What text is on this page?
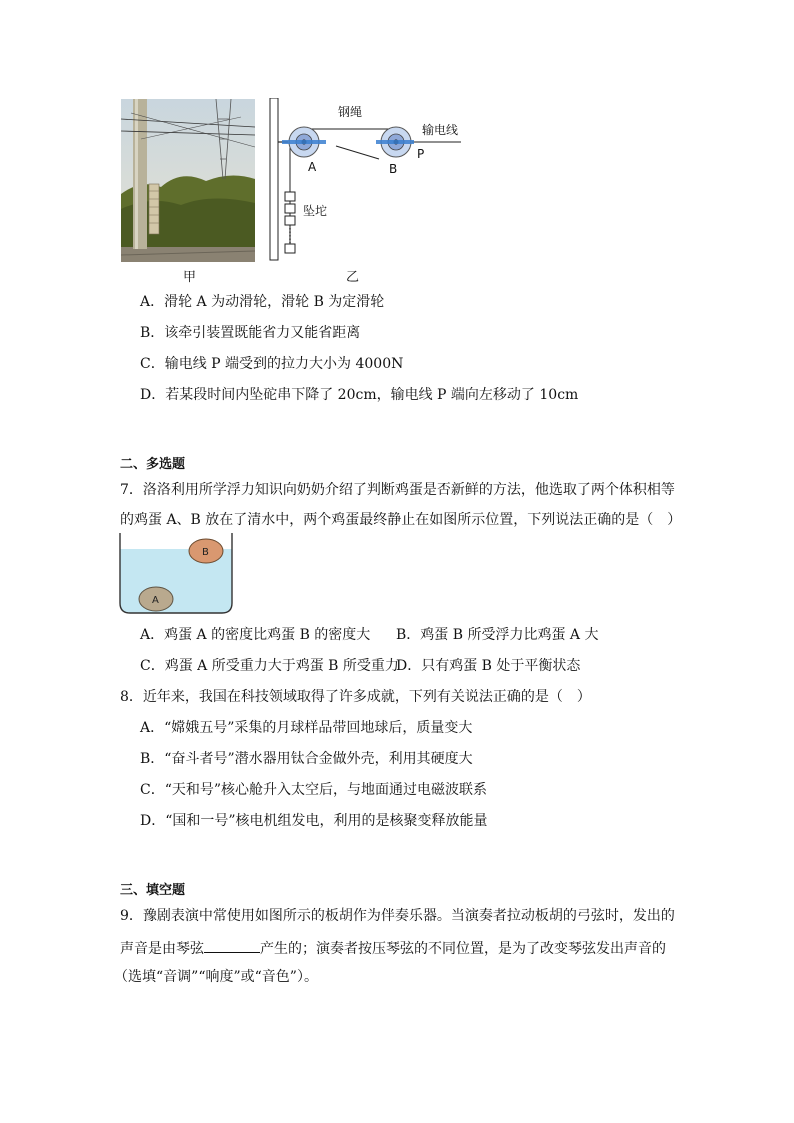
甲
钢绳
输电线
A	B
P
坠坨
乙
A．滑轮 A 为动滑轮，滑轮 B 为定滑轮
B．该牵引装置既能省力又能省距离
C．输电线 P 端受到的拉力大小为 4000N
D．若某段时间内坠砣串下降了 20cm，输电线 P 端向左移动了 10cm
二、多选题
7．洛洛利用所学浮力知识向奶奶介绍了判断鸡蛋是否新鲜的方法，他选取了两个体积相等
的鸡蛋 A、B 放在了清水中，两个鸡蛋最终静止在如图所示位置，下列说法正确的是（　）
B
A
A．鸡蛋 A 的密度比鸡蛋 B 的密度大 B．鸡蛋 B 所受浮力比鸡蛋 A 大
C．鸡蛋 A 所受重力大于鸡蛋 B 所受重力
D．只有鸡蛋 B 处于平衡状态
8．近年来，我国在科技领域取得了许多成就，下列有关说法正确的是（　）
A．“嫦娥五号”采集的月球样品带回地球后，质量变大
B．“奋斗者号”潜水器用钛合金做外壳，利用其硬度大
C．“天和号”核心舱升入太空后，与地面通过电磁波联系
D．“国和一号”核电机组发电，利用的是核聚变释放能量
三、填空题
9．豫剧表演中常使用如图所示的板胡作为伴奏乐器。当演奏者拉动板胡的弓弦时，发出的
声音是由琴弦	产生的；演奏者按压琴弦的不同位置，是为了改变琴弦发出声音的
（选填“音调”“响度”或“音色”）。
